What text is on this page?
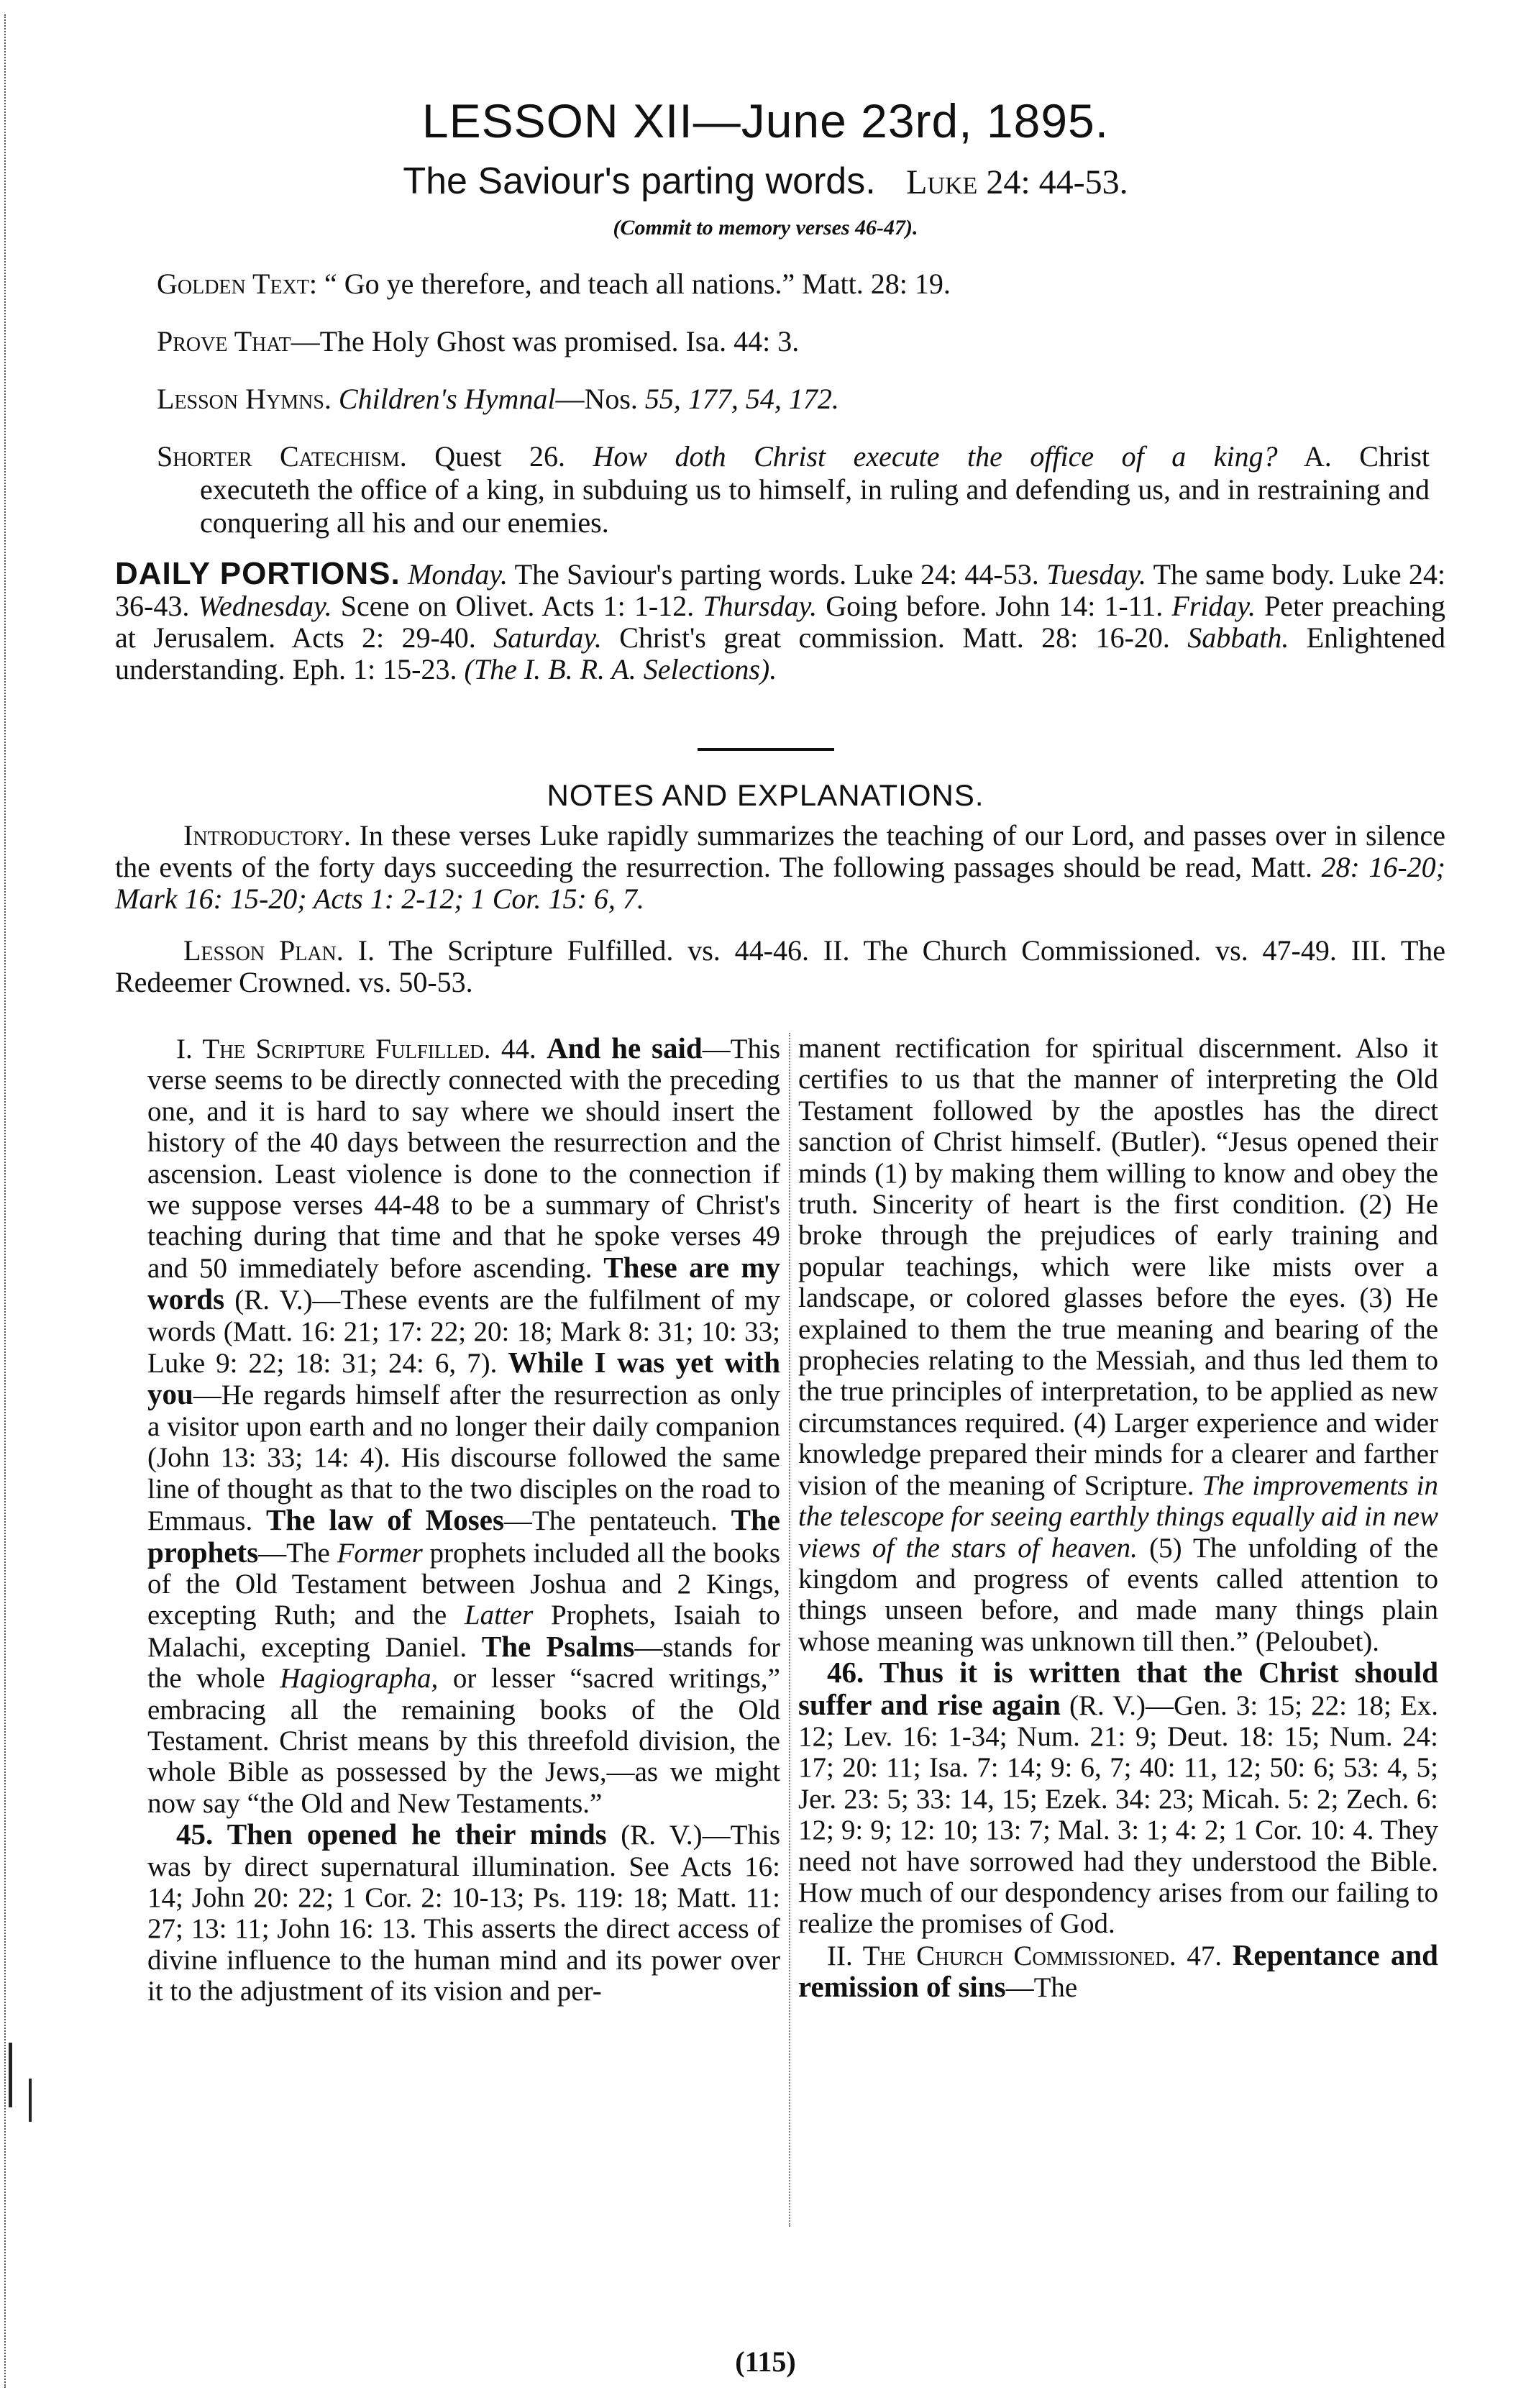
LESSON XII—June 23rd, 1895.
The Saviour's parting words. Luke 24: 44-53.
(Commit to memory verses 46-47).
Golden Text: “ Go ye therefore, and teach all nations.” Matt. 28: 19.
Prove That—The Holy Ghost was promised. Isa. 44: 3.
Lesson Hymns. Children's Hymnal—Nos. 55, 177, 54, 172.
Shorter Catechism. Quest 26. How doth Christ execute the office of a king? A. Christ
executeth the office of a king, in subduing us to himself, in ruling and defending us, and in restraining and conquering all his and our enemies.
DAILY PORTIONS. Monday. The Saviour's parting words. Luke 24: 44-53. Tuesday. The same body. Luke 24: 36-43. Wednesday. Scene on Olivet. Acts 1: 1-12. Thursday. Going before. John 14: 1-11. Friday. Peter preaching at Jerusalem. Acts 2: 29-40. Saturday. Christ's great commission. Matt. 28: 16-20. Sabbath. Enlightened understanding. Eph. 1: 15-23. (The I. B. R. A. Selections).
NOTES AND EXPLANATIONS.
Introductory. In these verses Luke rapidly summarizes the teaching of our Lord, and passes over in silence the events of the forty days succeeding the resurrection. The following passages should be read, Matt. 28: 16-20; Mark 16: 15-20; Acts 1: 2-12; 1 Cor. 15: 6, 7.
Lesson Plan. I. The Scripture Fulfilled. vs. 44-46. II. The Church Commissioned. vs. 47-49. III. The Redeemer Crowned. vs. 50-53.

I. The Scripture Fulfilled. 44. And he said—This verse seems to be directly connected with the preceding one, and it is hard to say where we should insert the history of the 40 days between the resurrection and the ascension. Least violence is done to the connection if we suppose verses 44-48 to be a summary of Christ's teaching during that time and that he spoke verses 49 and 50 immediately before ascending. These are my words (R. V.)—These events are the fulfilment of my words (Matt. 16: 21; 17: 22; 20: 18; Mark 8: 31; 10: 33; Luke 9: 22; 18: 31; 24: 6, 7). While I was yet with you—He regards himself after the resurrection as only a visitor upon earth and no longer their daily companion (John 13: 33; 14: 4). His discourse followed the same line of thought as that to the two disciples on the road to Emmaus. The law of Moses—The pentateuch. The prophets—The Former prophets included all the books of the Old Testament between Joshua and 2 Kings, excepting Ruth; and the Latter Prophets, Isaiah to Malachi, excepting Daniel. The Psalms—stands for the whole Hagiographa, or lesser “sacred writings,” embracing all the remaining books of the Old Testament. Christ means by this threefold division, the whole Bible as possessed by the Jews,—as we might now say “the Old and New Testaments.”

45. Then opened he their minds (R. V.)—This was by direct supernatural illumination. See Acts 16: 14; John 20: 22; 1 Cor. 2: 10-13; Ps. 119: 18; Matt. 11: 27; 13: 11; John 16: 13. This asserts the direct access of divine influence to the human mind and its power over it to the adjustment of its vision and per-

manent rectification for spiritual discernment. Also it certifies to us that the manner of interpreting the Old Testament followed by the apostles has the direct sanction of Christ himself. (Butler). “Jesus opened their minds (1) by making them willing to know and obey the truth. Sincerity of heart is the first condition. (2) He broke through the prejudices of early training and popular teachings, which were like mists over a landscape, or colored glasses before the eyes. (3) He explained to them the true meaning and bearing of the prophecies relating to the Messiah, and thus led them to the true principles of interpretation, to be applied as new circumstances required. (4) Larger experience and wider knowledge prepared their minds for a clearer and farther vision of the meaning of Scripture. The improvements in the telescope for seeing earthly things equally aid in new views of the stars of heaven. (5) The unfolding of the kingdom and progress of events called attention to things unseen before, and made many things plain whose meaning was unknown till then.” (Peloubet).

46. Thus it is written that the Christ should suffer and rise again (R. V.)—Gen. 3: 15; 22: 18; Ex. 12; Lev. 16: 1-34; Num. 21: 9; Deut. 18: 15; Num. 24: 17; 20: 11; Isa. 7: 14; 9: 6, 7; 40: 11, 12; 50: 6; 53: 4, 5; Jer. 23: 5; 33: 14, 15; Ezek. 34: 23; Micah. 5: 2; Zech. 6: 12; 9: 9; 12: 10; 13: 7; Mal. 3: 1; 4: 2; 1 Cor. 10: 4. They need not have sorrowed had they understood the Bible. How much of our despondency arises from our failing to realize the promises of God.

II. The Church Commissioned. 47. Repentance and remission of sins—The

(115)
